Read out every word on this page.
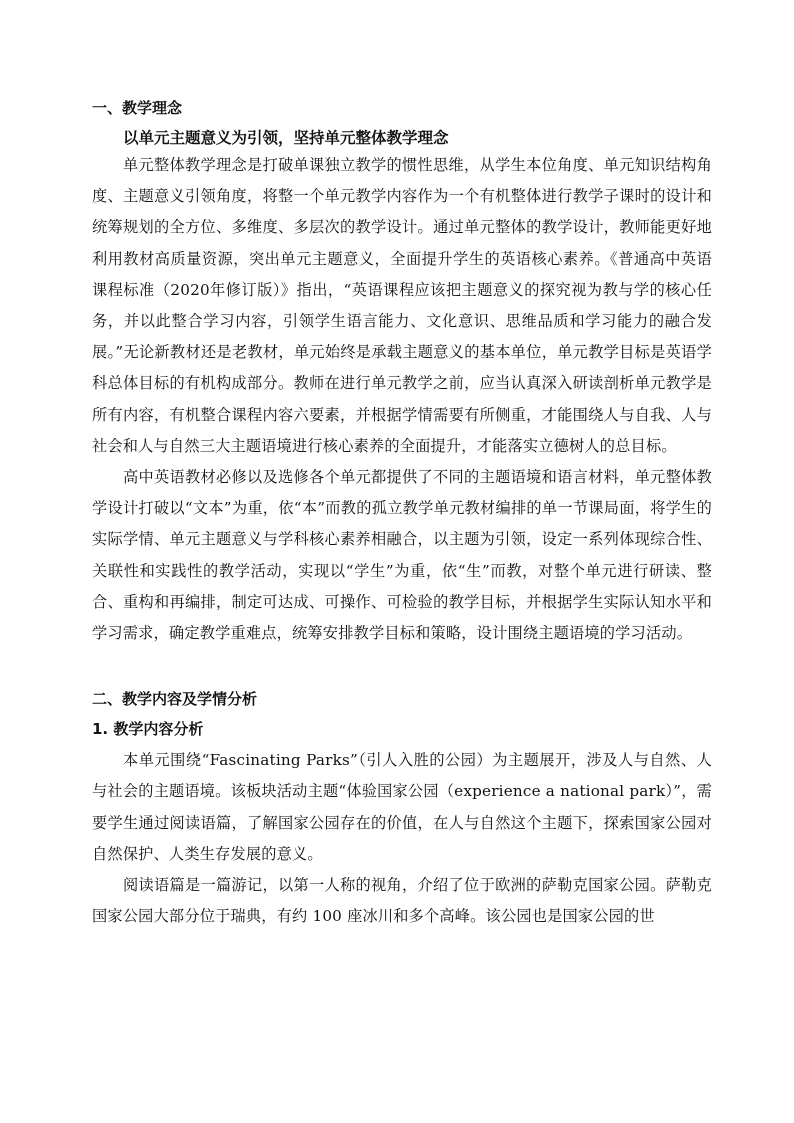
一、教学理念
以单元主题意义为引领，坚持单元整体教学理念
单元整体教学理念是打破单课独立教学的惯性思维，从学生本位角度、单元知识结构角度、主题意义引领角度，将整一个单元教学内容作为一个有机整体进行教学子课时的设计和统筹规划的全方位、多维度、多层次的教学设计。通过单元整体的教学设计，教师能更好地利用教材高质量资源，突出单元主题意义，全面提升学生的英语核心素养。《普通高中英语课程标准（2020年修订版）》指出，“英语课程应该把主题意义的探究视为教与学的核心任务，并以此整合学习内容，引领学生语言能力、文化意识、思维品质和学习能力的融合发展。”无论新教材还是老教材，单元始终是承载主题意义的基本单位，单元教学目标是英语学科总体目标的有机构成部分。教师在进行单元教学之前，应当认真深入研读剖析单元教学是所有内容，有机整合课程内容六要素，并根据学情需要有所侧重，才能围绕人与自我、人与社会和人与自然三大主题语境进行核心素养的全面提升，才能落实立德树人的总目标。
高中英语教材必修以及选修各个单元都提供了不同的主题语境和语言材料，单元整体教学设计打破以“文本”为重，依“本”而教的孤立教学单元教材编排的单一节课局面，将学生的实际学情、单元主题意义与学科核心素养相融合，以主题为引领，设定一系列体现综合性、关联性和实践性的教学活动，实现以“学生”为重，依“生”而教，对整个单元进行研读、整合、重构和再编排，制定可达成、可操作、可检验的教学目标，并根据学生实际认知水平和学习需求，确定教学重难点，统筹安排教学目标和策略，设计围绕主题语境的学习活动。
二、教学内容及学情分析
1. 教学内容分析
本单元围绕“Fascinating Parks”（引人入胜的公园）为主题展开，涉及人与自然、人与社会的主题语境。该板块活动主题“体验国家公园（experience a national park）”，需要学生通过阅读语篇，了解国家公园存在的价值，在人与自然这个主题下，探索国家公园对自然保护、人类生存发展的意义。
阅读语篇是一篇游记，以第一人称的视角，介绍了位于欧洲的萨勒克国家公园。萨勒克国家公园大部分位于瑞典，有约 100 座冰川和多个高峰。该公园也是国家公园的世
